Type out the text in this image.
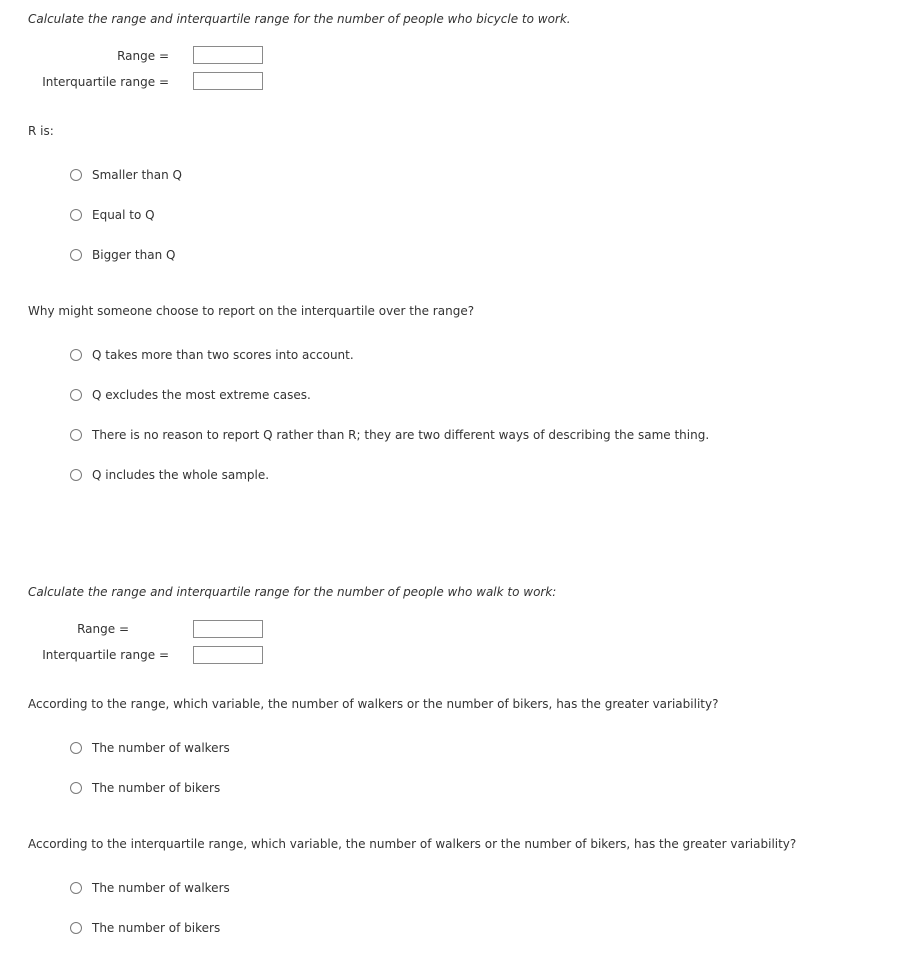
Calculate the range and interquartile range for the number of people who bicycle to work.
Range =
Interquartile range =
R is:
Smaller than Q
Equal to Q
Bigger than Q
Why might someone choose to report on the interquartile over the range?
Q takes more than two scores into account.
Q excludes the most extreme cases.
There is no reason to report Q rather than R; they are two different ways of describing the same thing.
Q includes the whole sample.
Calculate the range and interquartile range for the number of people who walk to work:
Range =
Interquartile range =
According to the range, which variable, the number of walkers or the number of bikers, has the greater variability?
The number of walkers
The number of bikers
According to the interquartile range, which variable, the number of walkers or the number of bikers, has the greater variability?
The number of walkers
The number of bikers
